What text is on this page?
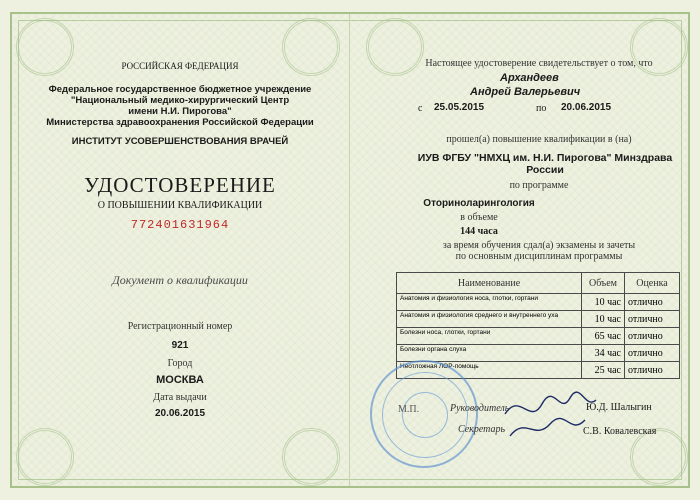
РОССИЙСКАЯ ФЕДЕРАЦИЯ
Федеральное государственное бюджетное учреждение
"Национальный медико-хирургический Центр
имени Н.И. Пирогова"
Министерства здравоохранения Российской Федерации
ИНСТИТУТ УСОВЕРШЕНСТВОВАНИЯ ВРАЧЕЙ
УДОСТОВЕРЕНИЕ
О ПОВЫШЕНИИ КВАЛИФИКАЦИИ
772401631964
Документ о квалификации
Регистрационный номер
921
Город
МОСКВА
Дата выдачи
20.06.2015
Настоящее удостоверение свидетельствует о том, что
Архандеев
Андрей Валерьевич
с 25.05.2015	по 20.06.2015
прошел(а) повышение квалификации в (на)
ИУВ ФГБУ "НМХЦ им. Н.И. Пирогова" Минздрава
России
по программе
Оториноларингология
в объеме
144 часа
за время обучения сдал(а) экзамены и зачеты
по основным дисциплинам программы
Наименование	Объем	Оценка
Анатомия и физиология носа, глотки, гортани	10 час	отлично
Анатомия и физиология среднего и внутреннего уха	10 час	отлично
Болезни носа, глотки, гортани	65 час	отлично
Болезни органа слуха	34 час	отлично
Неотложная ЛОР-помощь	25 час	отлично
М.П.	Руководитель	Ю.Д. Шалыгин
Секретарь	С.В. Ковалевская
